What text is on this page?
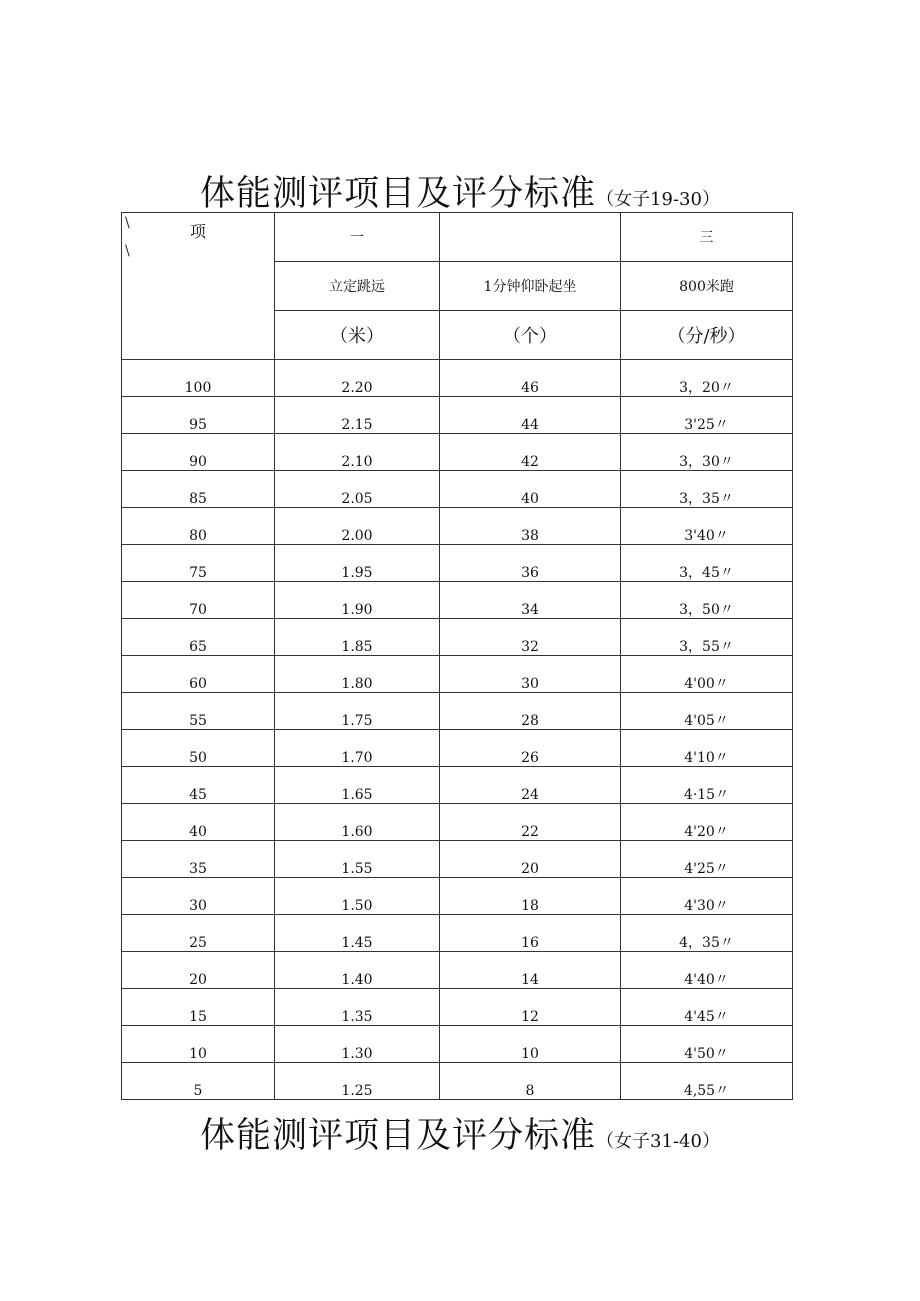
体能测评项目及评分标准（女子19-30）
项
\
\	一		三
	立定跳远	1分钟仰卧起坐	800米跑
	（米）	（个）	（分/秒）
100	2.20	46	3，20〃
95	2.15	44	3'25〃
90	2.10	42	3，30〃
85	2.05	40	3，35〃
80	2.00	38	3'40〃
75	1.95	36	3，45〃
70	1.90	34	3，50〃
65	1.85	32	3，55〃
60	1.80	30	4'00〃
55	1.75	28	4'05〃
50	1.70	26	4'10〃
45	1.65	24	4·15〃
40	1.60	22	4'20〃
35	1.55	20	4'25〃
30	1.50	18	4'30〃
25	1.45	16	4，35〃
20	1.40	14	4'40〃
15	1.35	12	4'45〃
10	1.30	10	4'50〃
5	1.25	8	4,55〃
体能测评项目及评分标准（女子31-40）
